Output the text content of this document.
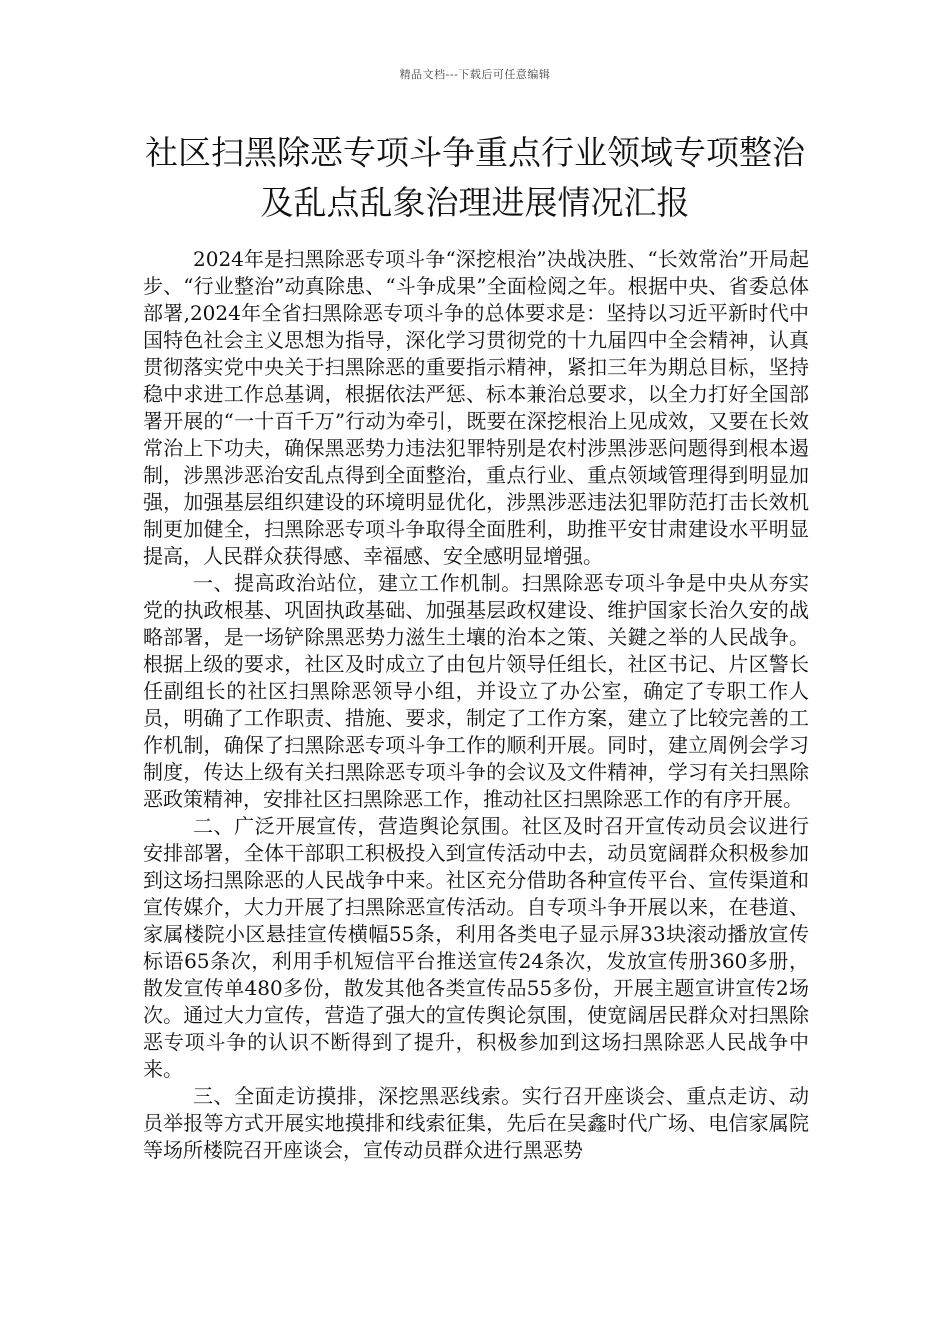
精品文档---下载后可任意编辑
社区扫黑除恶专项斗争重点行业领域专项整治及乱点乱象治理进展情况汇报

2024年是扫黑除恶专项斗争“深挖根治”决战决胜、“长效常治”开局起步、“行业整治”动真除患、“斗争成果”全面检阅之年。根据中央、省委总体部署,2024年全省扫黑除恶专项斗争的总体要求是：坚持以习近平新时代中国特色社会主义思想为指导，深化学习贯彻党的十九届四中全会精神，认真贯彻落实党中央关于扫黑除恶的重要指示精神，紧扣三年为期总目标，坚持稳中求进工作总基调，根据依法严惩、标本兼治总要求，以全力打好全国部署开展的“一十百千万”行动为牵引，既要在深挖根治上见成效，又要在长效常治上下功夫，确保黑恶势力违法犯罪特别是农村涉黑涉恶问题得到根本遏制，涉黑涉恶治安乱点得到全面整治，重点行业、重点领域管理得到明显加强，加强基层组织建设的环境明显优化，涉黑涉恶违法犯罪防范打击长效机制更加健全，扫黑除恶专项斗争取得全面胜利，助推平安甘肃建设水平明显提高，人民群众获得感、幸福感、安全感明显增强。

一、提高政治站位，建立工作机制。扫黑除恶专项斗争是中央从夯实党的执政根基、巩固执政基础、加强基层政权建设、维护国家长治久安的战略部署，是一场铲除黑恶势力滋生土壤的治本之策、关鍵之举的人民战争。根据上级的要求，社区及时成立了由包片领导任组长，社区书记、片区警长任副组长的社区扫黑除恶领导小组，并设立了办公室，确定了专职工作人员，明确了工作职责、措施、要求，制定了工作方案，建立了比较完善的工作机制，确保了扫黑除恶专项斗争工作的顺利开展。同时，建立周例会学习制度，传达上级有关扫黑除恶专项斗争的会议及文件精神，学习有关扫黑除恶政策精神，安排社区扫黑除恶工作，推动社区扫黑除恶工作的有序开展。

二、广泛开展宣传，营造舆论氛围。社区及时召开宣传动员会议进行安排部署，全体干部职工积极投入到宣传活动中去，动员宽阔群众积极参加到这场扫黑除恶的人民战争中来。社区充分借助各种宣传平台、宣传渠道和宣传媒介，大力开展了扫黑除恶宣传活动。自专项斗争开展以来，在巷道、家属楼院小区悬挂宣传横幅55条，利用各类电子显示屏33块滚动播放宣传标语65条次，利用手机短信平台推送宣传24条次，发放宣传册360多册，散发宣传单480多份，散发其他各类宣传品55多份，开展主题宣讲宣传2场次。通过大力宣传，营造了强大的宣传舆论氛围，使宽阔居民群众对扫黑除恶专项斗争的认识不断得到了提升，积极参加到这场扫黑除恶人民战争中来。

三、全面走访摸排，深挖黑恶线索。实行召开座谈会、重点走访、动员举报等方式开展实地摸排和线索征集，先后在吴鑫时代广场、电信家属院等场所楼院召开座谈会，宣传动员群众进行黑恶势
